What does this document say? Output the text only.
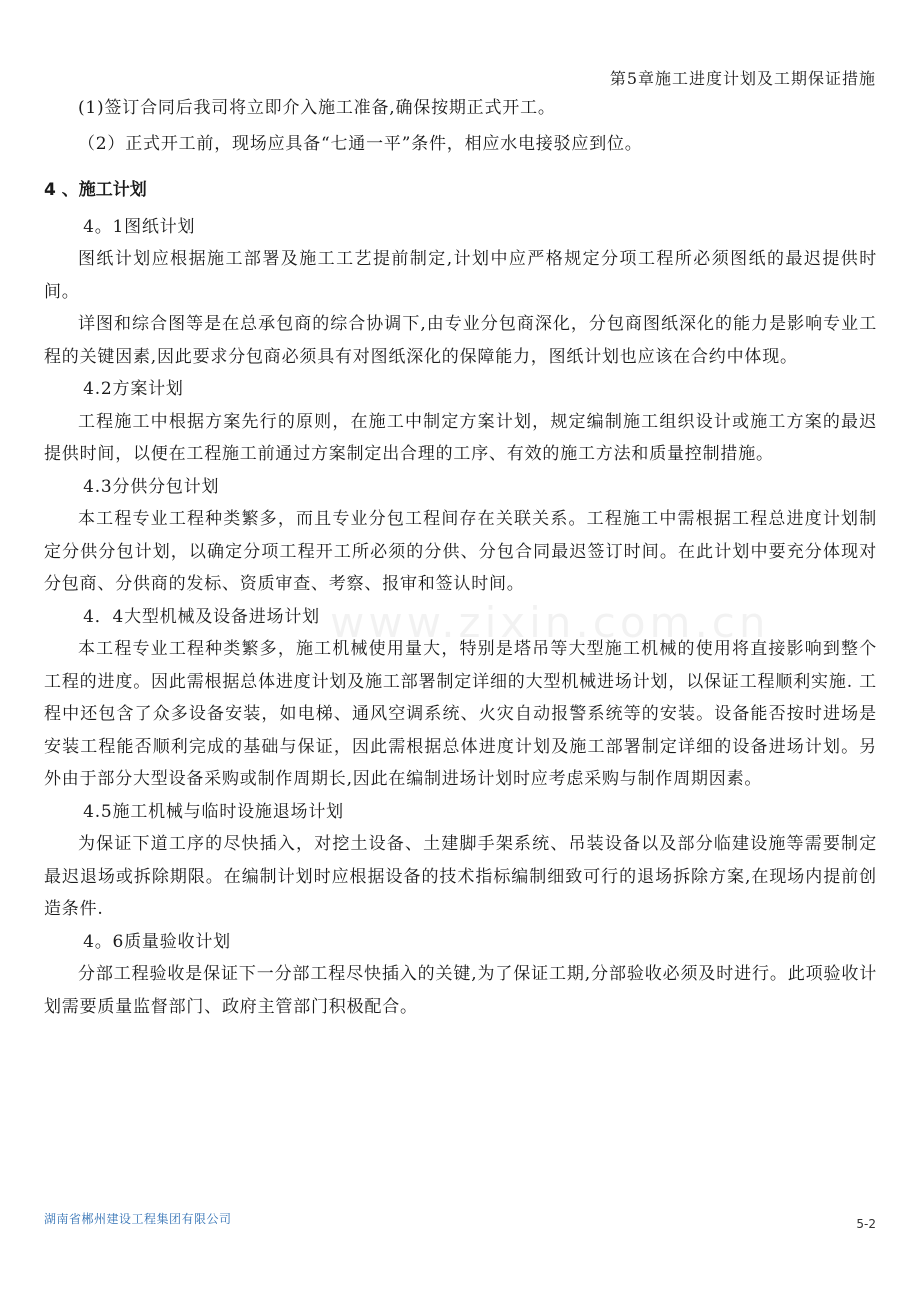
第5章施工进度计划及工期保证措施
www.zixin.com.cn

(1)签订合同后我司将立即介入施工准备,确保按期正式开工。

（2）正式开工前，现场应具备“七通一平”条件，相应水电接驳应到位。

4 、施工计划

4。1图纸计划

图纸计划应根据施工部署及施工工艺提前制定,计划中应严格规定分项工程所必须图纸的最迟提供时间。

详图和综合图等是在总承包商的综合协调下,由专业分包商深化，分包商图纸深化的能力是影响专业工程的关键因素,因此要求分包商必须具有对图纸深化的保障能力，图纸计划也应该在合约中体现。

4.2方案计划

工程施工中根据方案先行的原则，在施工中制定方案计划，规定编制施工组织设计或施工方案的最迟提供时间，以便在工程施工前通过方案制定出合理的工序、有效的施工方法和质量控制措施。

4.3分供分包计划

本工程专业工程种类繁多，而且专业分包工程间存在关联关系。工程施工中需根据工程总进度计划制定分供分包计划，以确定分项工程开工所必须的分供、分包合同最迟签订时间。在此计划中要充分体现对分包商、分供商的发标、资质审查、考察、报审和签认时间。

4．4大型机械及设备进场计划

本工程专业工程种类繁多，施工机械使用量大，特别是塔吊等大型施工机械的使用将直接影响到整个工程的进度。因此需根据总体进度计划及施工部署制定详细的大型机械进场计划，以保证工程顺利实施. 工程中还包含了众多设备安装，如电梯、通风空调系统、火灾自动报警系统等的安装。设备能否按时进场是安装工程能否顺利完成的基础与保证，因此需根据总体进度计划及施工部署制定详细的设备进场计划。另外由于部分大型设备采购或制作周期长,因此在编制进场计划时应考虑采购与制作周期因素。

4.5施工机械与临时设施退场计划

为保证下道工序的尽快插入，对挖土设备、土建脚手架系统、吊装设备以及部分临建设施等需要制定最迟退场或拆除期限。在编制计划时应根据设备的技术指标编制细致可行的退场拆除方案,在现场内提前创造条件.

4。6质量验收计划

分部工程验收是保证下一分部工程尽快插入的关键,为了保证工期,分部验收必须及时进行。此项验收计划需要质量监督部门、政府主管部门积极配合。

湖南省郴州建设工程集团有限公司	5-2
